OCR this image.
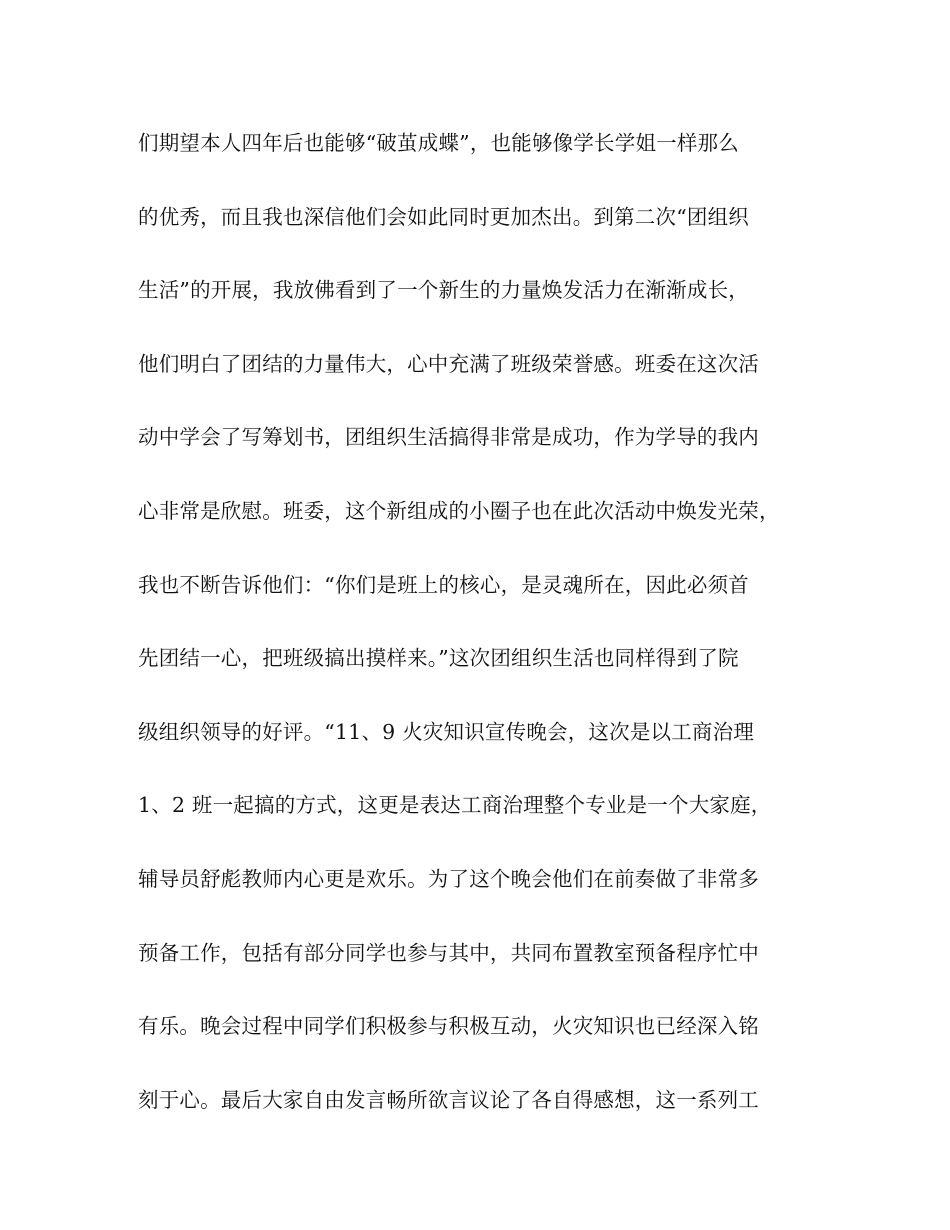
们期望本人四年后也能够“破茧成蝶”，也能够像学长学姐一样那么

的优秀，而且我也深信他们会如此同时更加杰出。到第二次“团组织

生活”的开展，我放佛看到了一个新生的力量焕发活力在渐渐成长，

他们明白了团结的力量伟大，心中充满了班级荣誉感。班委在这次活

动中学会了写筹划书，团组织生活搞得非常是成功，作为学导的我内

心非常是欣慰。班委，这个新组成的小圈子也在此次活动中焕发光荣，

我也不断告诉他们：“你们是班上的核心，是灵魂所在，因此必须首

先团结一心，把班级搞出摸样来。”这次团组织生活也同样得到了院

级组织领导的好评。“11、9 火灾知识宣传晚会，这次是以工商治理

1、2 班一起搞的方式，这更是表达工商治理整个专业是一个大家庭，

辅导员舒彪教师内心更是欢乐。为了这个晚会他们在前奏做了非常多

预备工作，包括有部分同学也参与其中，共同布置教室预备程序忙中

有乐。晚会过程中同学们积极参与积极互动，火灾知识也已经深入铭

刻于心。最后大家自由发言畅所欲言议论了各自得感想，这一系列工
